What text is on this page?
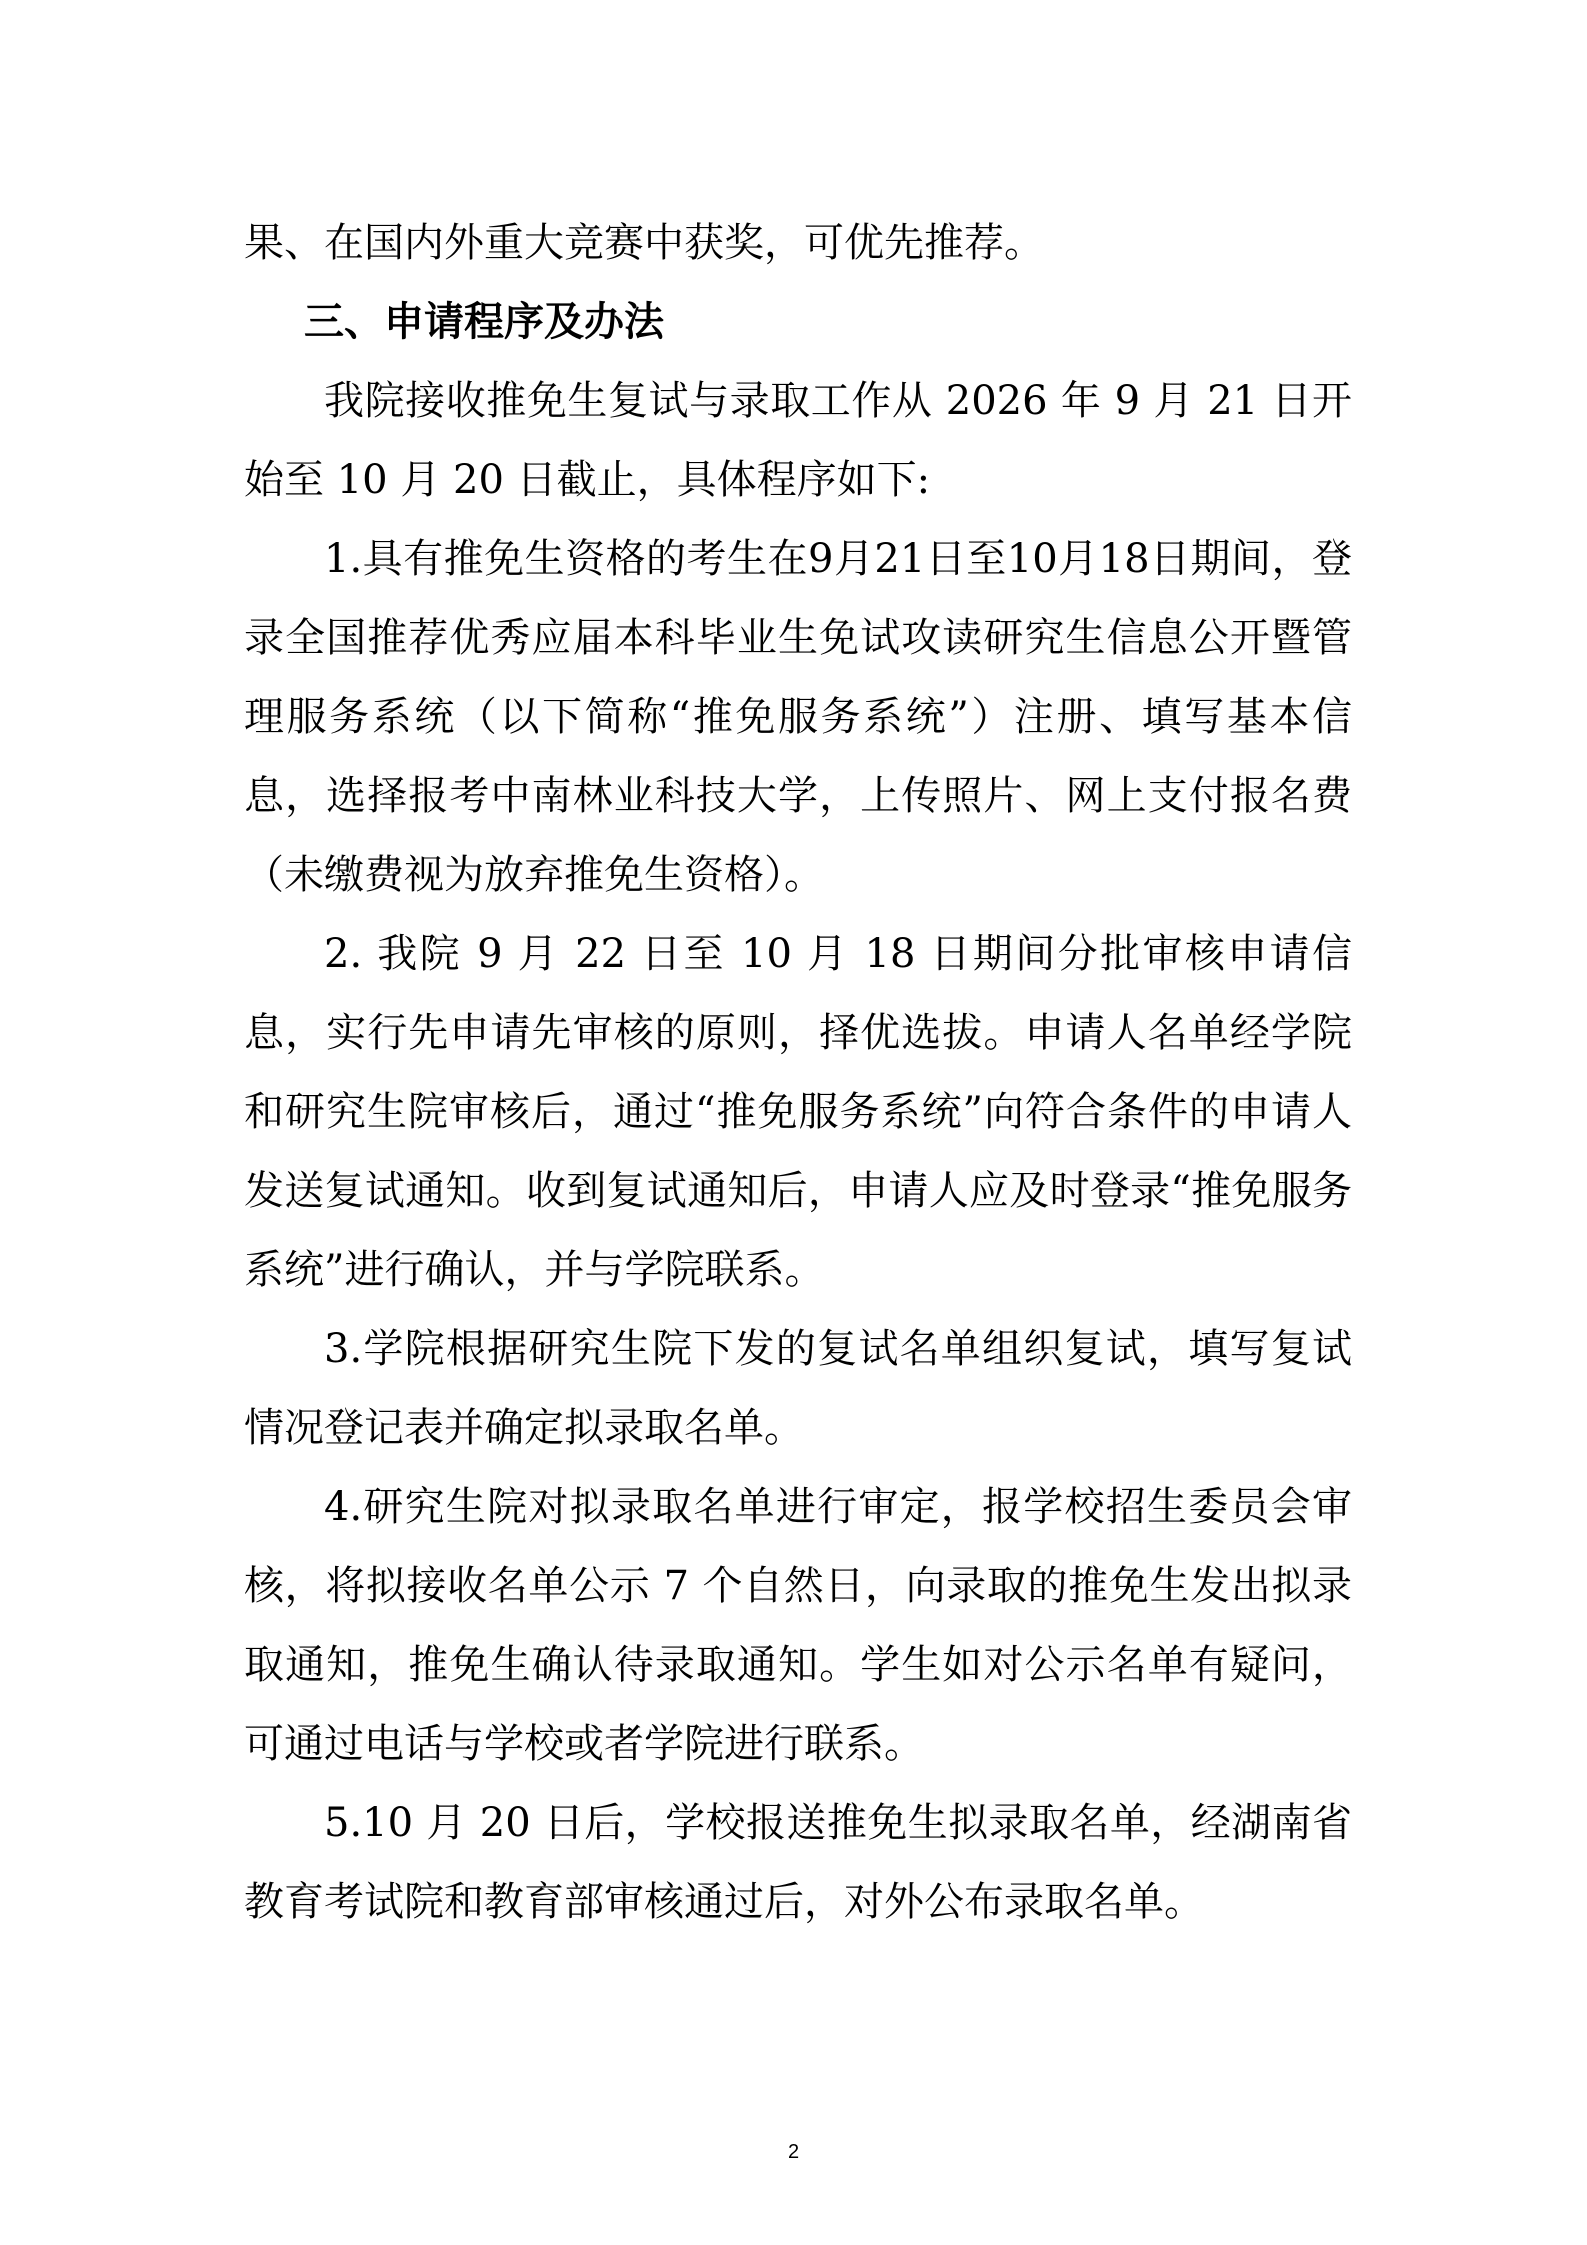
果、在国内外重大竞赛中获奖，可优先推荐。

三、申请程序及办法

我院接收推免生复试与录取工作从 2026 年 9 月 21 日开始至 10 月 20 日截止，具体程序如下:

1.具有推免生资格的考生在9月21日至10月18日期间，登录全国推荐优秀应届本科毕业生免试攻读研究生信息公开暨管理服务系统（以下简称“推免服务系统”）注册、填写基本信息，选择报考中南林业科技大学，上传照片、网上支付报名费（未缴费视为放弃推免生资格）。

2. 我院 9 月 22 日至 10 月 18 日期间分批审核申请信息，实行先申请先审核的原则，择优选拔。申请人名单经学院和研究生院审核后，通过“推免服务系统”向符合条件的申请人发送复试通知。收到复试通知后，申请人应及时登录“推免服务系统”进行确认，并与学院联系。

3.学院根据研究生院下发的复试名单组织复试，填写复试情况登记表并确定拟录取名单。

4.研究生院对拟录取名单进行审定，报学校招生委员会审核，将拟接收名单公示 7 个自然日，向录取的推免生发出拟录取通知，推免生确认待录取通知。学生如对公示名单有疑问，可通过电话与学校或者学院进行联系。

5.10 月 20 日后，学校报送推免生拟录取名单，经湖南省教育考试院和教育部审核通过后，对外公布录取名单。

2
